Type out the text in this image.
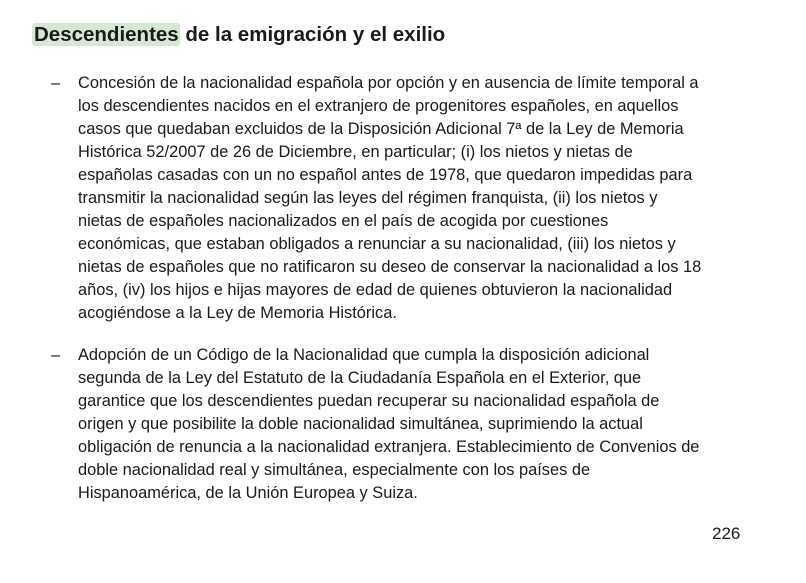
Descendientes de la emigración y el exilio
– Concesión de la nacionalidad española por opción y en ausencia de límite temporal a
los descendientes nacidos en el extranjero de progenitores españoles, en aquellos
casos que quedaban excluidos de la Disposición Adicional 7ª de la Ley de Memoria
Histórica 52/2007 de 26 de Diciembre, en particular; (i) los nietos y nietas de
españolas casadas con un no español antes de 1978, que quedaron impedidas para
transmitir la nacionalidad según las leyes del régimen franquista, (ii) los nietos y
nietas de españoles nacionalizados en el país de acogida por cuestiones
económicas, que estaban obligados a renunciar a su nacionalidad, (iii) los nietos y
nietas de españoles que no ratificaron su deseo de conservar la nacionalidad a los 18
años, (iv) los hijos e hijas mayores de edad de quienes obtuvieron la nacionalidad
acogiéndose a la Ley de Memoria Histórica.
– Adopción de un Código de la Nacionalidad que cumpla la disposición adicional
segunda de la Ley del Estatuto de la Ciudadanía Española en el Exterior, que
garantice que los descendientes puedan recuperar su nacionalidad española de
origen y que posibilite la doble nacionalidad simultánea, suprimiendo la actual
obligación de renuncia a la nacionalidad extranjera. Establecimiento de Convenios de
doble nacionalidad real y simultánea, especialmente con los países de
Hispanoamérica, de la Unión Europea y Suiza.
226
